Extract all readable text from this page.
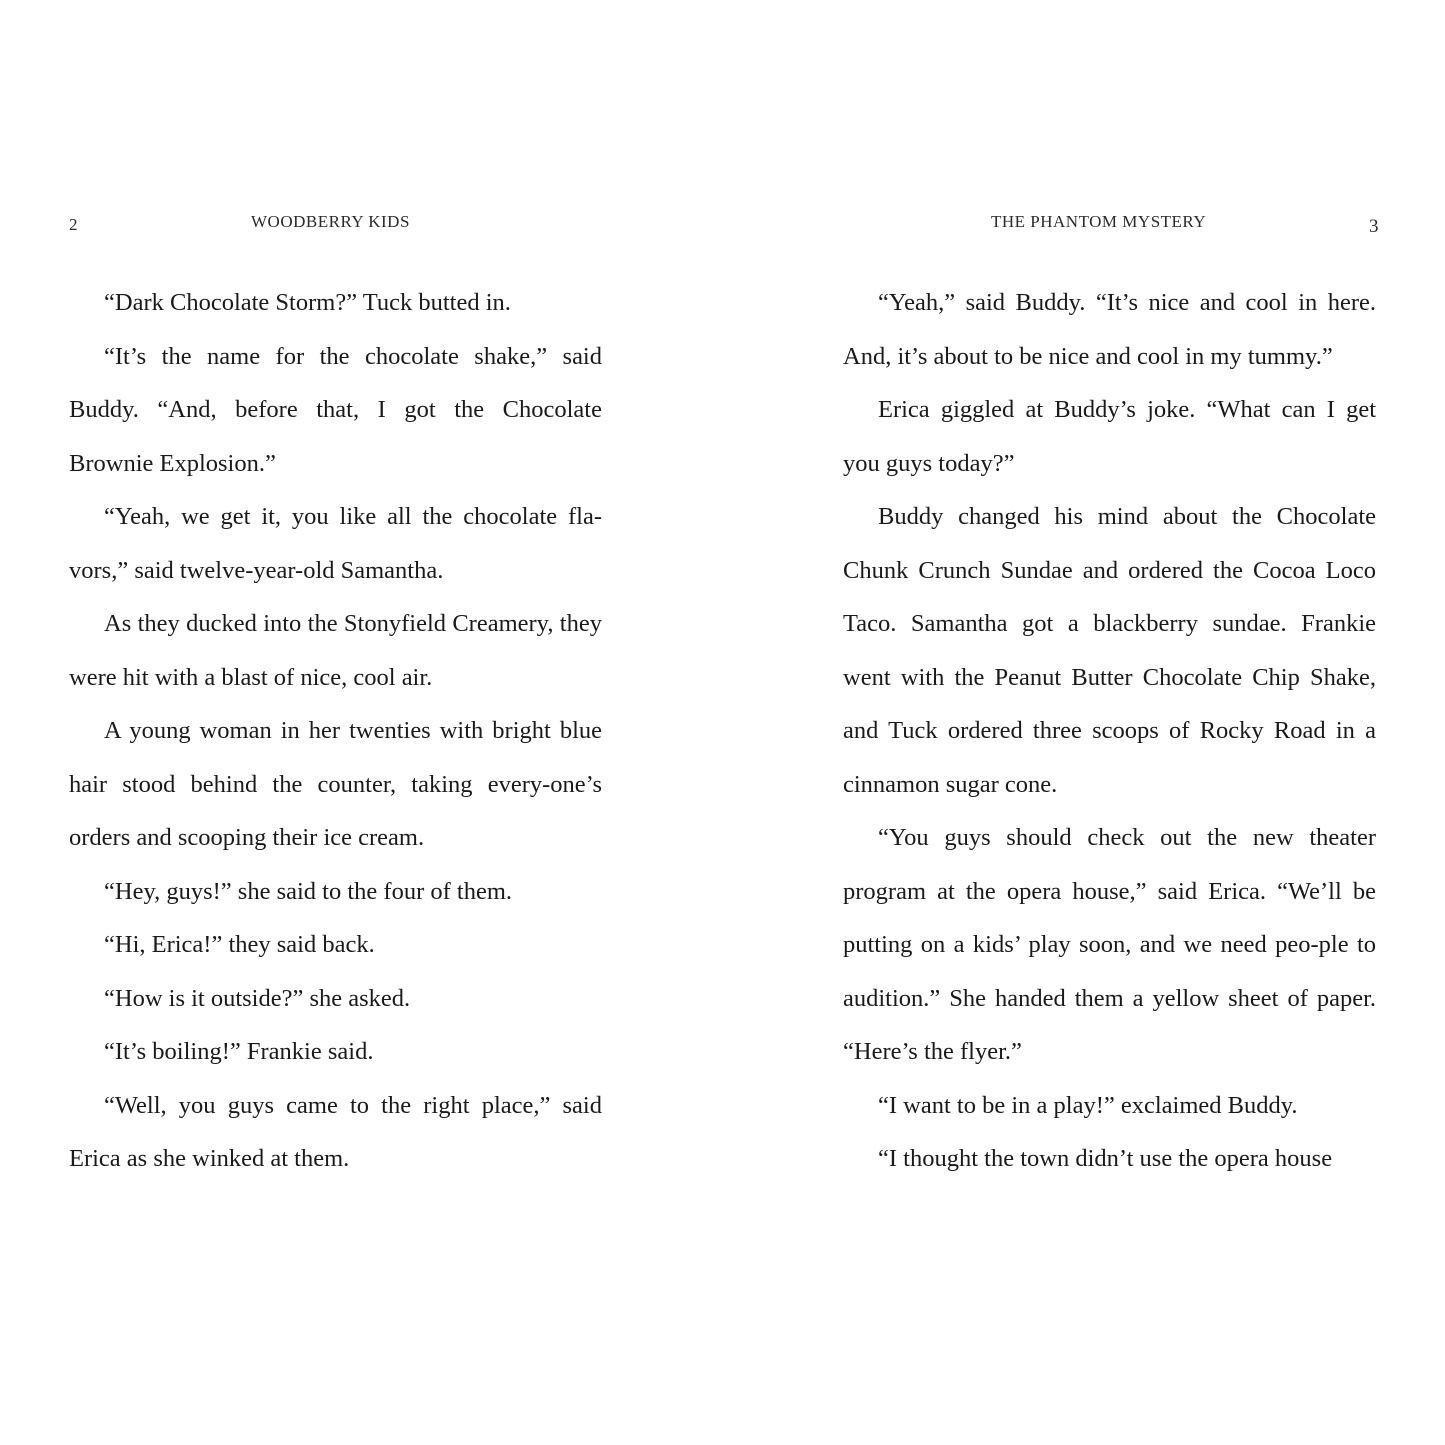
2	WOODBERRY KIDS

“Dark Chocolate Storm?” Tuck butted in.

“It’s the name for the chocolate shake,” said Buddy. “And, before that, I got the Chocolate Brownie Explosion.”

“Yeah, we get it, you like all the chocolate fla-vors,” said twelve-year-old Samantha.

As they ducked into the Stonyfield Creamery, they were hit with a blast of nice, cool air.

A young woman in her twenties with bright blue hair stood behind the counter, taking every-one’s orders and scooping their ice cream.

“Hey, guys!” she said to the four of them.

“Hi, Erica!” they said back.

“How is it outside?” she asked.

“It’s boiling!” Frankie said.

“Well, you guys came to the right place,” said Erica as she winked at them.

THE PHANTOM MYSTERY	3

“Yeah,” said Buddy. “It’s nice and cool in here. And, it’s about to be nice and cool in my tummy.”

Erica giggled at Buddy’s joke. “What can I get you guys today?”

Buddy changed his mind about the Chocolate Chunk Crunch Sundae and ordered the Cocoa Loco Taco. Samantha got a blackberry sundae. Frankie went with the Peanut Butter Chocolate Chip Shake, and Tuck ordered three scoops of Rocky Road in a cinnamon sugar cone.

“You guys should check out the new theater program at the opera house,” said Erica. “We’ll be putting on a kids’ play soon, and we need peo-ple to audition.” She handed them a yellow sheet of paper. “Here’s the flyer.”

“I want to be in a play!” exclaimed Buddy.

“I thought the town didn’t use the opera house
